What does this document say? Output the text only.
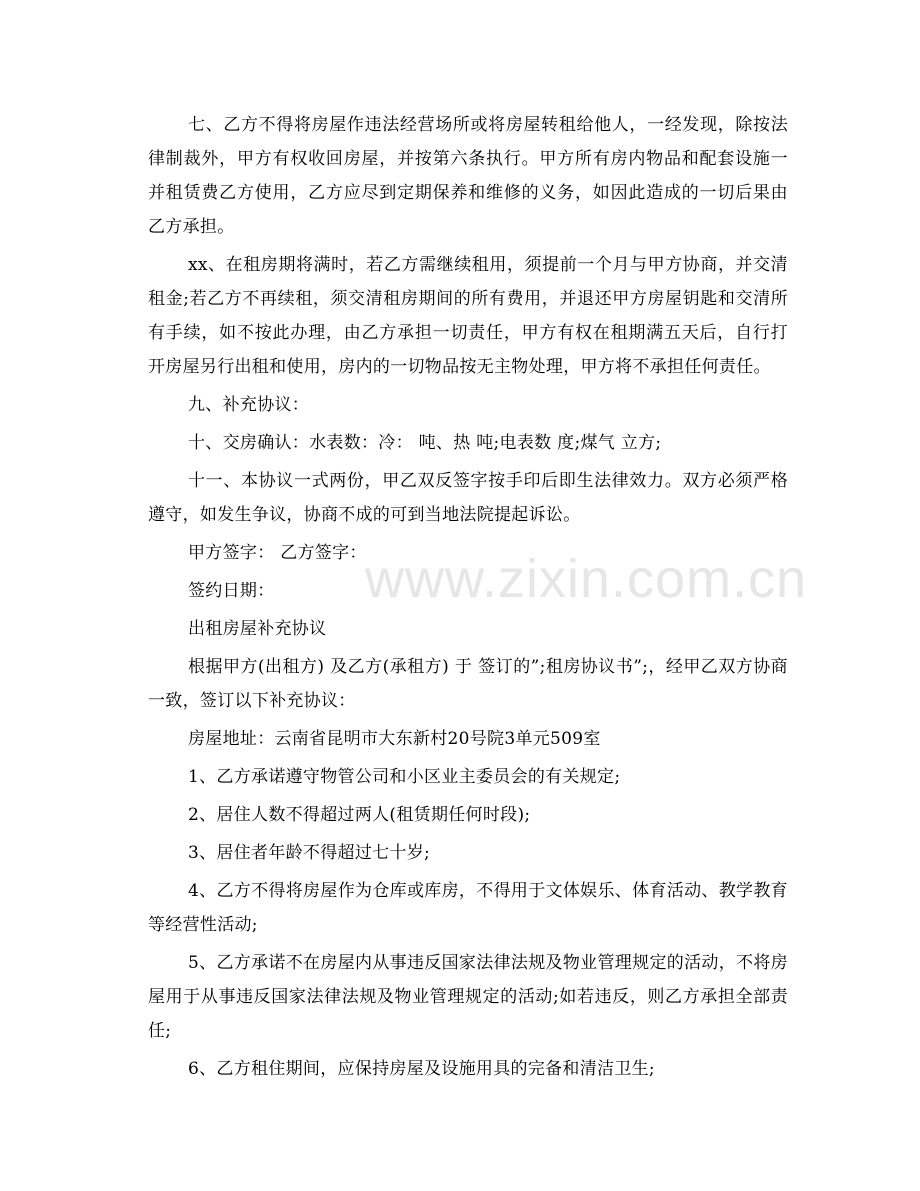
www.zixin.com.cn

七、乙方不得将房屋作违法经营场所或将房屋转租给他人，一经发现，除按法律制裁外，甲方有权收回房屋，并按第六条执行。甲方所有房内物品和配套设施一并租赁费乙方使用，乙方应尽到定期保养和维修的义务，如因此造成的一切后果由乙方承担。

xx、在租房期将满时，若乙方需继续租用，须提前一个月与甲方协商，并交清租金;若乙方不再续租，须交清租房期间的所有费用，并退还甲方房屋钥匙和交清所有手续，如不按此办理，由乙方承担一切责任，甲方有权在租期满五天后，自行打开房屋另行出租和使用，房内的一切物品按无主物处理，甲方将不承担任何责任。

九、补充协议：

十、交房确认：水表数：冷： 吨、热 吨;电表数 度;煤气 立方;

十一、本协议一式两份，甲乙双反签字按手印后即生法律效力。双方必须严格遵守，如发生争议，协商不成的可到当地法院提起诉讼。

甲方签字： 乙方签字：

签约日期：

出租房屋补充协议

根据甲方(出租方) 及乙方(承租方) 于 签订的”;租房协议书”;，经甲乙双方协商一致，签订以下补充协议：

房屋地址：云南省昆明市大东新村20号院3单元509室

1、乙方承诺遵守物管公司和小区业主委员会的有关规定;

2、居住人数不得超过两人(租赁期任何时段);

3、居住者年龄不得超过七十岁;

4、乙方不得将房屋作为仓库或库房，不得用于文体娱乐、体育活动、教学教育等经营性活动;

5、乙方承诺不在房屋内从事违反国家法律法规及物业管理规定的活动，不将房屋用于从事违反国家法律法规及物业管理规定的活动;如若违反，则乙方承担全部责任;

6、乙方租住期间，应保持房屋及设施用具的完备和清洁卫生;
